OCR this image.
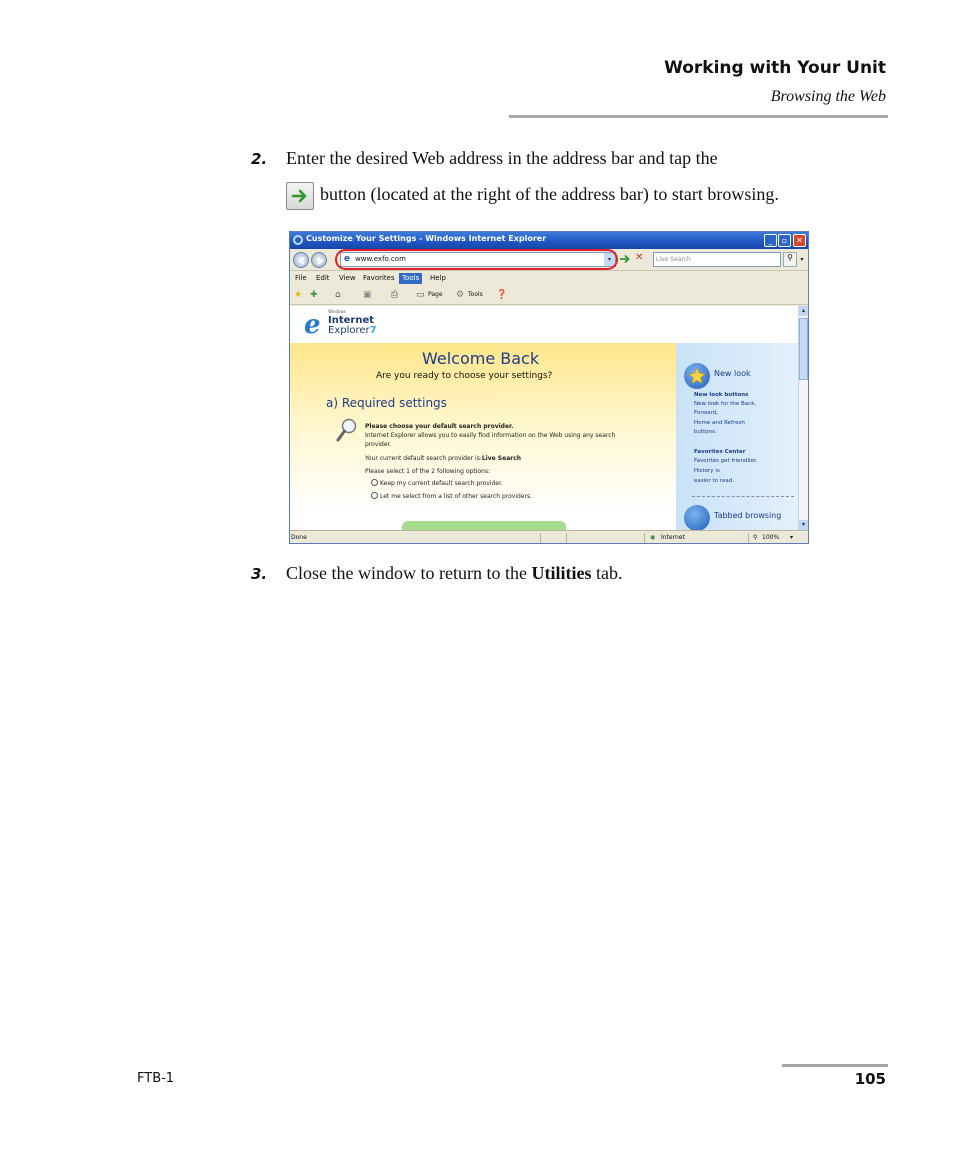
Working with Your Unit
Browsing the Web
2. Enter the desired Web address in the address bar and tap the
button (located at the right of the address bar) to start browsing.
Customize Your Settings - Windows Internet Explorer	_	▫	✕
e www.exfo.com	▾	✕	Live Search	⚲	▾
File Edit View Favorites	Tools	Help
★ ✚ ⌂ ▣ ⎙ ▭ Page ⚙ Tools ❓
e Windows
Internet
Explorer7
Welcome Back
Are you ready to choose your settings?
a) Required settings
Please choose your default search provider.
Internet Explorer allows you to easily find information on the Web using any search
provider.
Your current default search provider is:Live Search
Please select 1 of the 2 following options:
Keep my current default search provider.
Let me select from a list of other search providers.
New look
New look buttons
New look for the Back,
Forward,
Home and Refresh
buttons.
Favorites Center
Favorites get friendlier,
History is
easier to read.
Tabbed browsing
▴
▾
Done	◉ Internet	⚲ 100% ▾
3. Close the window to return to the Utilities tab.
FTB-1	105
